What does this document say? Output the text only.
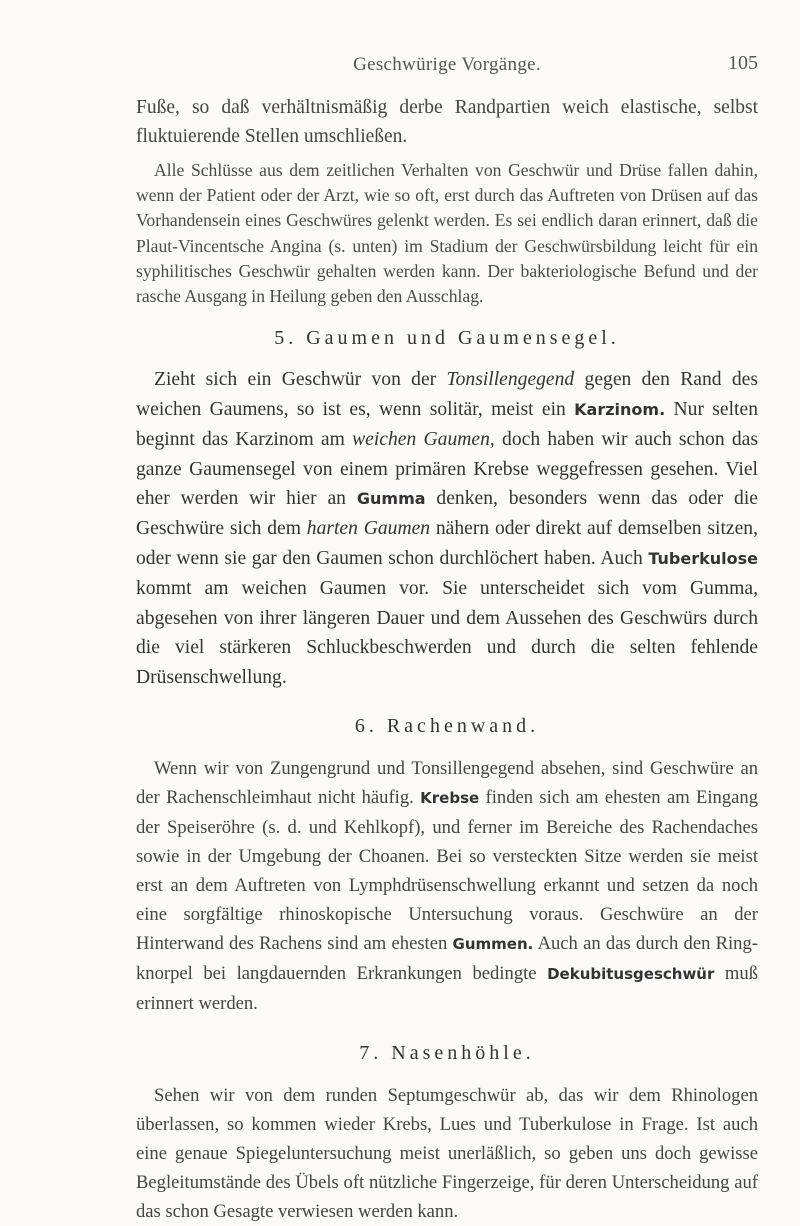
Geschwürige Vorgänge.	105

Fuße, so daß verhältnismäßig derbe Randpartien weich elastische, selbst fluktuierende Stellen umschließen.

Alle Schlüsse aus dem zeitlichen Verhalten von Geschwür und Drüse fallen dahin, wenn der Patient oder der Arzt, wie so oft, erst durch das Auftreten von Drüsen auf das Vorhandensein eines Geschwüres gelenkt werden. Es sei endlich daran erinnert, daß die Plaut-Vincentsche Angina (s. unten) im Stadium der Geschwürsbildung leicht für ein syphilitisches Geschwür gehalten werden kann. Der bakteriologische Befund und der rasche Ausgang in Heilung geben den Ausschlag.

5. Gaumen und Gaumensegel.

Zieht sich ein Geschwür von der Tonsillengegend gegen den Rand des weichen Gaumens, so ist es, wenn solitär, meist ein Karzinom. Nur selten beginnt das Karzinom am weichen Gaumen, doch haben wir auch schon das ganze Gaumensegel von einem primären Krebse weggefressen gesehen. Viel eher werden wir hier an Gumma denken, besonders wenn das oder die Geschwüre sich dem harten Gaumen nähern oder direkt auf demselben sitzen, oder wenn sie gar den Gaumen schon durchlöchert haben. Auch Tuberkulose kommt am weichen Gaumen vor. Sie unterscheidet sich vom Gumma, abgesehen von ihrer längeren Dauer und dem Aussehen des Geschwürs durch die viel stärkeren Schluckbeschwerden und durch die selten fehlende Drüsenschwellung.

6. Rachenwand.

Wenn wir von Zungengrund und Tonsillengegend absehen, sind Geschwüre an der Rachenschleimhaut nicht häufig. Krebse finden sich am ehesten am Eingang der Speiseröhre (s. d. und Kehlkopf), und ferner im Bereiche des Rachendaches sowie in der Umgebung der Choanen. Bei so versteckten Sitze werden sie meist erst an dem Auftreten von Lymphdrüsenschwellung erkannt und setzen da noch eine sorgfältige rhinoskopische Untersuchung voraus. Geschwüre an der Hinterwand des Rachens sind am ehesten Gummen. Auch an das durch den Ringknorpel bei langdauernden Erkrankungen bedingte Dekubitusgeschwür muß erinnert werden.

7. Nasenhöhle.

Sehen wir von dem runden Septumgeschwür ab, das wir dem Rhinologen überlassen, so kommen wieder Krebs, Lues und Tuberkulose in Frage. Ist auch eine genaue Spiegeluntersuchung meist unerläßlich, so geben uns doch gewisse Begleitumstände des Übels oft nützliche Fingerzeige, für deren Unterscheidung auf das schon Gesagte verwiesen werden kann.
